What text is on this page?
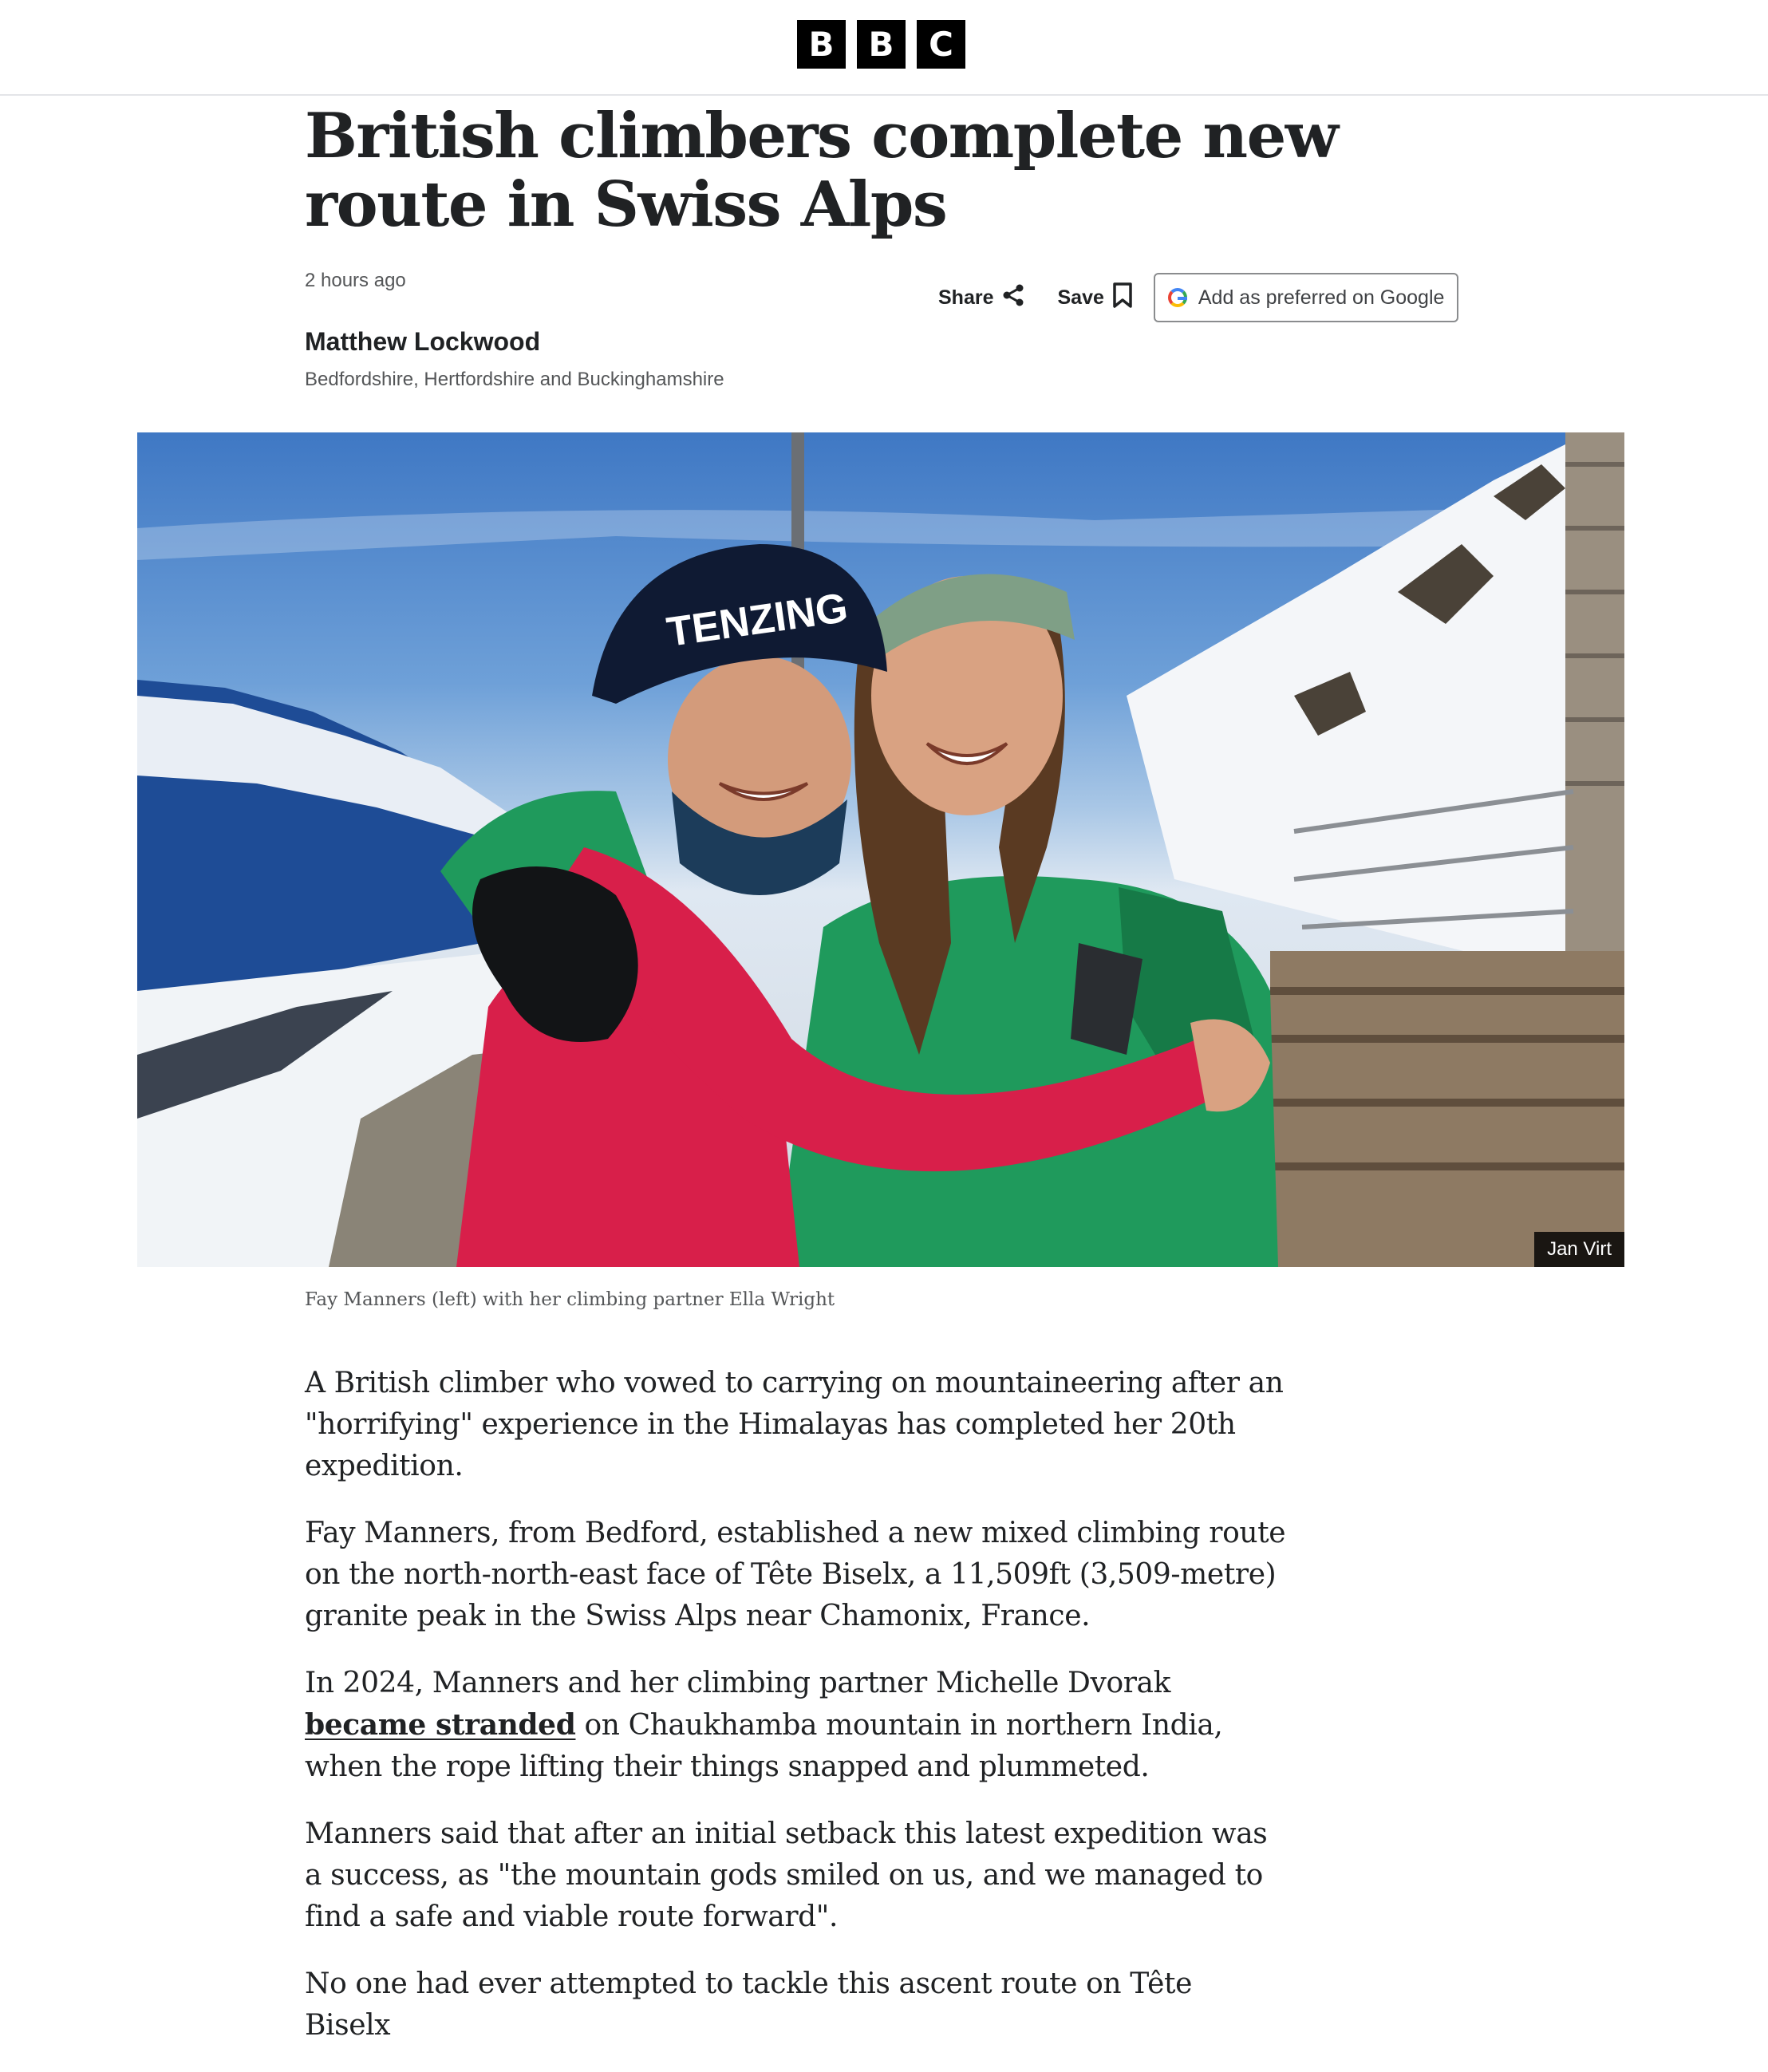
B	B	C
British climbers complete new route in Swiss Alps
2 hours ago
Share	Save	Add as preferred on Google
Matthew Lockwood
Bedfordshire, Hertfordshire and Buckinghamshire
TENZING
Jan Virt
Fay Manners (left) with her climbing partner Ella Wright

A British climber who vowed to carrying on mountaineering after an "horrifying" experience in the Himalayas has completed her 20th expedition.

Fay Manners, from Bedford, established a new mixed climbing route on the north-north-east face of Tête Biselx, a 11,509ft (3,509-metre) granite peak in the Swiss Alps near Chamonix, France.

In 2024, Manners and her climbing partner Michelle Dvorak became stranded on Chaukhamba mountain in northern India, when the rope lifting their things snapped and plummeted.

Manners said that after an initial setback this latest expedition was a success, as "the mountain gods smiled on us, and we managed to find a safe and viable route forward".

No one had ever attempted to tackle this ascent route on Tête Biselx
